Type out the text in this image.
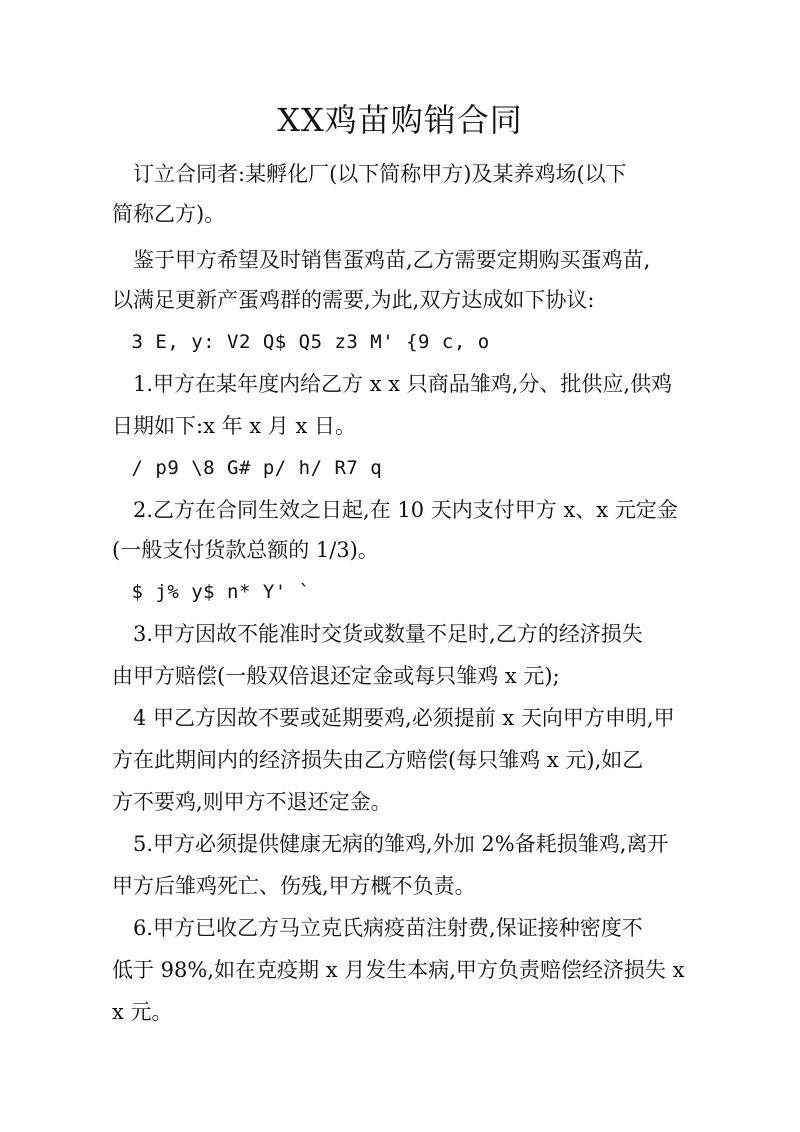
XX鸡苗购销合同
　订立合同者:某孵化厂(以下简称甲方)及某养鸡场(以下
简称乙方)。
　鉴于甲方希望及时销售蛋鸡苗,乙方需要定期购买蛋鸡苗,
以满足更新产蛋鸡群的需要,为此,双方达成如下协议:
　3 E, y: V2 Q$ Q5 z3 M' {9 c, o
　1.甲方在某年度内给乙方 x x 只商品雏鸡,分、批供应,供鸡
日期如下:x 年 x 月 x 日。
　/ p9 \8 G# p/ h/ R7 q
　2.乙方在合同生效之日起,在 10 天内支付甲方 x、x 元定金
(一般支付货款总额的 1/3)。
　$ j% y$ n* Y' `
　3.甲方因故不能准时交货或数量不足时,乙方的经济损失
由甲方赔偿(一般双倍退还定金或每只雏鸡 x 元);
　4 甲乙方因故不要或延期要鸡,必须提前 x 天向甲方申明,甲
方在此期间内的经济损失由乙方赔偿(每只雏鸡 x 元),如乙
方不要鸡,则甲方不退还定金。
　5.甲方必须提供健康无病的雏鸡,外加 2%备耗损雏鸡,离开
甲方后雏鸡死亡、伤残,甲方概不负责。
　6.甲方已收乙方马立克氏病疫苗注射费,保证接种密度不
低于 98%,如在克疫期 x 月发生本病,甲方负责赔偿经济损失 x
x 元。
